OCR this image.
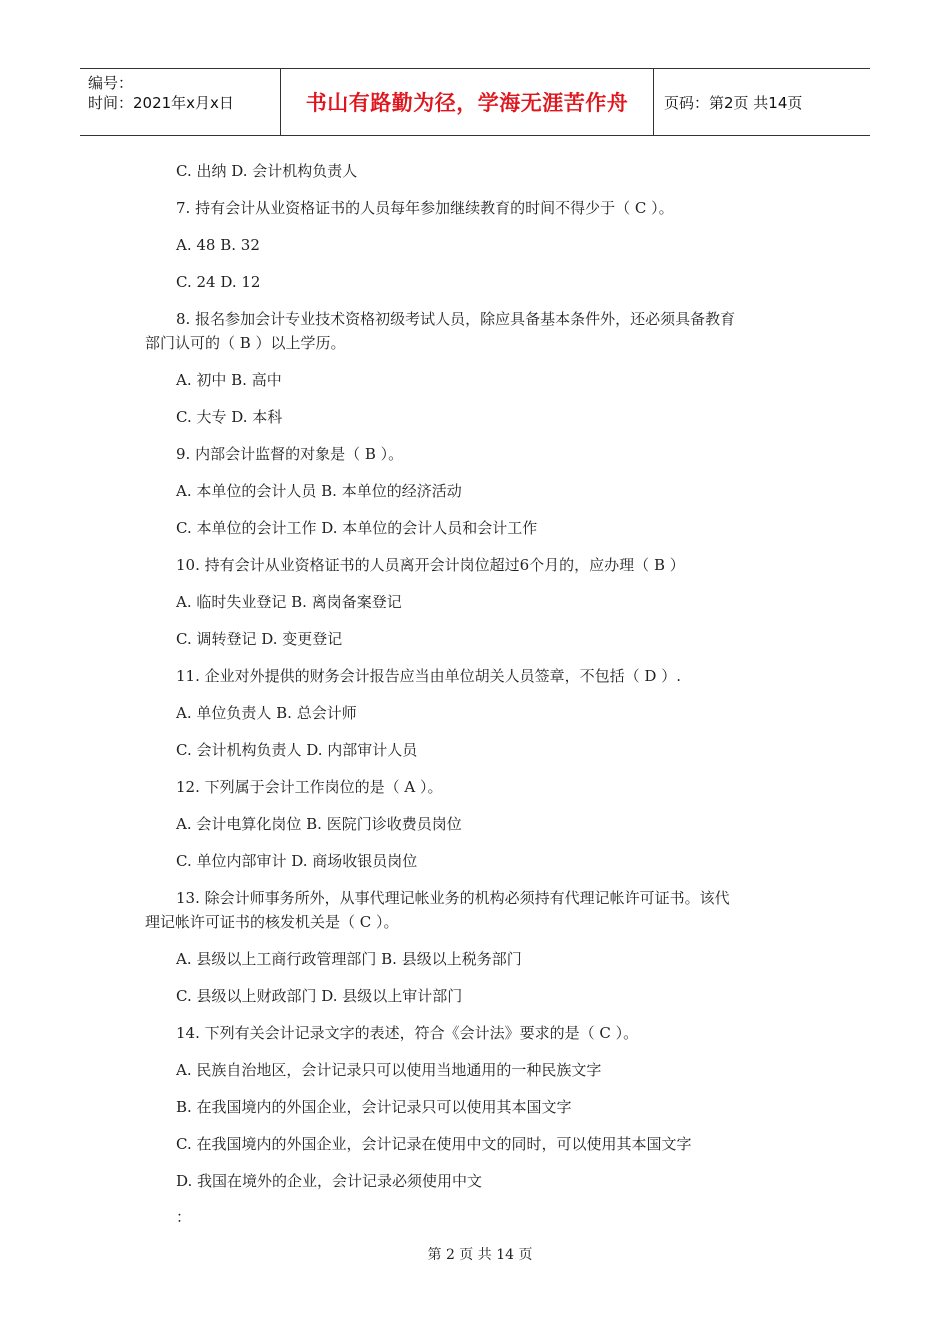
编号：
时间：2021年x月x日	书山有路勤为径，学海无涯苦作舟	页码：第2页 共14页
C. 出纳 D. 会计机构负责人
7. 持有会计从业资格证书的人员每年参加继续教育的时间不得少于（ C ）。
A. 48 B. 32
C. 24 D. 12
8. 报名参加会计专业技术资格初级考试人员，除应具备基本条件外，还必须具备教育
部门认可的（ B ）以上学历。
A. 初中 B. 高中
C. 大专 D. 本科
9. 内部会计监督的对象是（ B ）。
A. 本单位的会计人员 B. 本单位的经济活动
C. 本单位的会计工作 D. 本单位的会计人员和会计工作
10. 持有会计从业资格证书的人员离开会计岗位超过6个月的，应办理（ B ）
A. 临时失业登记 B. 离岗备案登记
C. 调转登记 D. 变更登记
11. 企业对外提供的财务会计报告应当由单位胡关人员签章，不包括（ D ）.
A. 单位负责人 B. 总会计师
C. 会计机构负责人 D. 内部审计人员
12. 下列属于会计工作岗位的是（ A ）。
A. 会计电算化岗位 B. 医院门诊收费员岗位
C. 单位内部审计 D. 商场收银员岗位
13. 除会计师事务所外，从事代理记帐业务的机构必须持有代理记帐许可证书。该代
理记帐许可证书的核发机关是（ C ）。
A. 县级以上工商行政管理部门 B. 县级以上税务部门
C. 县级以上财政部门 D. 县级以上审计部门
14. 下列有关会计记录文字的表述，符合《会计法》要求的是（ C ）。
A. 民族自治地区，会计记录只可以使用当地通用的一种民族文字
B. 在我国境内的外国企业，会计记录只可以使用其本国文字
C. 在我国境内的外国企业，会计记录在使用中文的同时，可以使用其本国文字
D. 我国在境外的企业，会计记录必须使用中文
：
第 2 页 共 14 页
